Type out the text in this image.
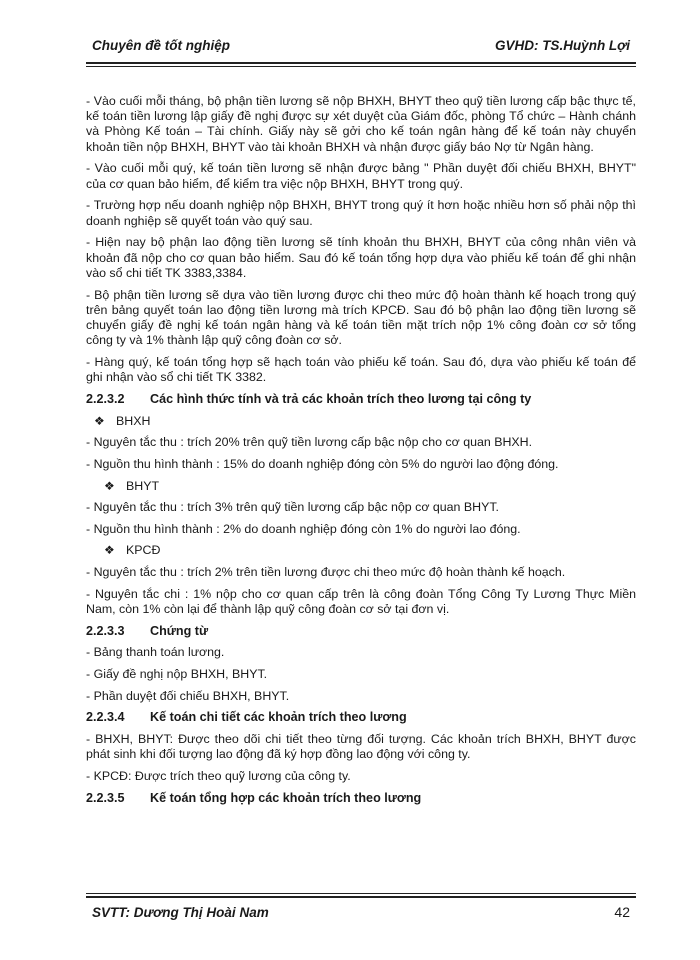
Chuyên đề tốt nghiệp	GVHD: TS.Huỳnh Lợi

- Vào cuối mỗi tháng, bộ phận tiền lương sẽ nộp BHXH, BHYT theo quỹ tiền lương cấp bậc thực tế, kế toán tiền lương lập giấy đề nghị được sự xét duyệt của Giám đốc, phòng Tổ chức – Hành chánh và Phòng Kế toán – Tài chính. Giấy này sẽ gởi cho kế toán ngân hàng để kế toán này chuyển khoản tiền nộp BHXH, BHYT vào tài khoản BHXH và nhận được giấy báo Nợ từ Ngân hàng.

- Vào cuối mỗi quý, kế toán tiền lương sẽ nhận được bảng " Phần duyệt đối chiếu BHXH, BHYT" của cơ quan bảo hiểm, để kiểm tra việc nộp BHXH, BHYT trong quý.

- Trường hợp nếu doanh nghiệp nộp BHXH, BHYT trong quý ít hơn hoặc nhiều hơn số phải nộp thì doanh nghiệp sẽ quyết toán vào quý sau.

- Hiện nay bộ phận lao động tiền lương sẽ tính khoản thu BHXH, BHYT của công nhân viên và khoản đã nộp cho cơ quan bảo hiểm. Sau đó kế toán tổng hợp dựa vào phiếu kế toán để ghi nhận vào sổ chi tiết TK 3383,3384.

- Bộ phận tiền lương sẽ dựa vào tiền lương được chi theo mức độ hoàn thành kế hoạch trong quý trên bảng quyết toán lao động tiền lương mà trích KPCĐ. Sau đó bộ phận lao động tiền lương sẽ chuyển giấy đề nghị kế toán ngân hàng và kế toán tiền mặt trích nộp 1% công đoàn cơ sở tổng công ty và 1% thành lập quỹ công đoàn cơ sở.

- Hàng quý, kế toán tổng hợp sẽ hạch toán vào phiếu kế toán. Sau đó, dựa vào phiếu kế toán để ghi nhận vào sổ chi tiết TK 3382.

2.2.3.2	Các hình thức tính và trả các khoản trích theo lương tại công ty
❖ BHXH

- Nguyên tắc thu : trích 20% trên quỹ tiền lương cấp bậc nộp cho cơ quan BHXH.

- Nguồn thu hình thành : 15% do doanh nghiệp đóng còn 5% do người lao động đóng.

❖ BHYT

- Nguyên tắc thu : trích 3% trên quỹ tiền lương cấp bậc nộp cơ quan BHYT.

- Nguồn thu hình thành : 2% do doanh nghiệp đóng còn 1% do người lao đóng.

❖ KPCĐ

- Nguyên tắc thu : trích 2% trên tiền lương được chi theo mức độ hoàn thành kế hoạch.

- Nguyên tắc chi : 1% nộp cho cơ quan cấp trên là công đoàn Tổng Công Ty Lương Thực Miền Nam, còn 1% còn lại để thành lập quỹ công đoàn cơ sở tại đơn vị.

2.2.3.3	Chứng từ

- Bảng thanh toán lương.

- Giấy đề nghị nộp BHXH, BHYT.

- Phần duyệt đối chiếu BHXH, BHYT.

2.2.3.4	Kế toán chi tiết các khoản trích theo lương

- BHXH, BHYT: Được theo dõi chi tiết theo từng đối tượng. Các khoản trích BHXH, BHYT được phát sinh khi đối tượng lao động đã ký hợp đồng lao động với công ty.

- KPCĐ: Được trích theo quỹ lương của công ty.

2.2.3.5	Kế toán tổng hợp các khoản trích theo lương
SVTT: Dương Thị Hoài Nam	42
